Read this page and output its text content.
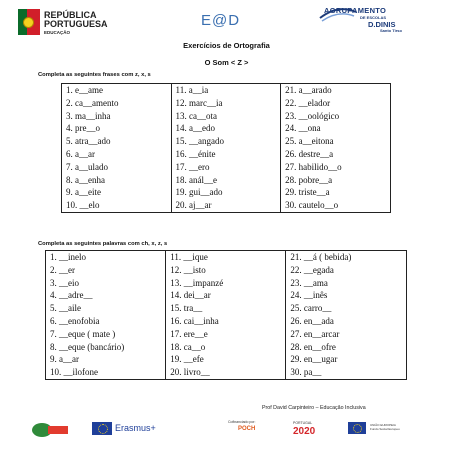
REPÚBLICA
PORTUGUESA
EDUCAÇÃO
E@D
AGRUPAMENTO
DE ESCOLAS
D.DINIS
Santo Tirso
Exercícios de Ortografia
O Som < Z >
Completa as seguintes frases com z, x, s
1. e__ame	11. a__ia	21. a__arado
2. ca__amento	12. marc__ia	22. __elador
3. ma__inha	13. ca__ota	23. __oológico
4. pre__o	14. a__edo	24. __ona
5. atra__ado	15. __angado	25. a__eitona
6. a__ar	16. __énite	26. destre__a
7. a__ulado	17. __ero	27. habilido__o
8. a__enha	18. anál__e	28. pobre__a
9. a__eite	19. gui__ado	29. triste__a
10. __elo	20. aj__ar	30. cautelo__o
Completa as seguintes palavras com ch, x, z, s
1. __inelo	11. __ique	21. __á ( bebida)
2. __er	12. __isto	22. __egada
3. __eio	13. __impanzé	23. __ama
4. __adre__	14. dei__ar	24. __inês
5. __aile	15. tra__	25. carro__
6. __enofobia	16. cai__inha	26. en__ada
7. __eque ( mate )	17. ere__e	27. en__arcar
8. __eque (bancário)	18. ca__o	28. en__ofre
9. a__ar	19. __efe	29. en__ugar
10. __ilofone	20. livro__	30. pa__
Prof David Carpinteiro – Educação Inclusiva
Erasmus+
Cofinanciado por:
POCH
PORTUGAL
2020
UNIÃO EUROPEIA
Fundo Social Europeu
